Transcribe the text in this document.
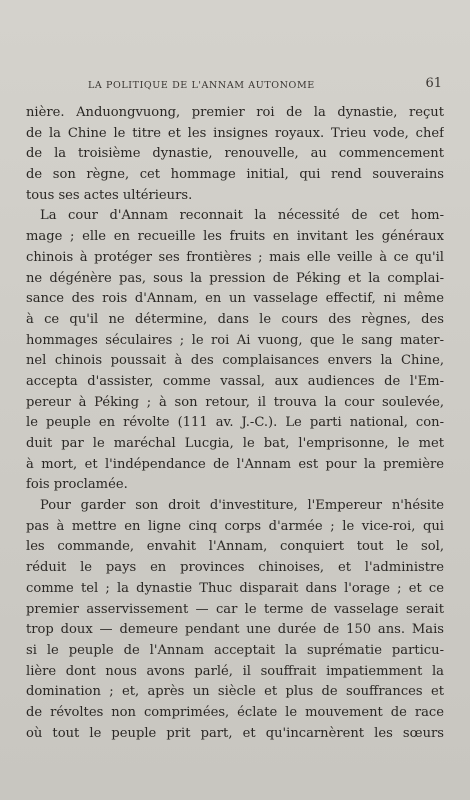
LA POLITIQUE DE L'ANNAM AUTONOME	61
nière. Anduongvuong, premier roi de la dynastie, reçut
de la Chine le titre et les insignes royaux. Trieu vode, chef
de la troisième dynastie, renouvelle, au commencement
de son règne, cet hommage initial, qui rend souverains
tous ses actes ultérieurs.
La cour d'Annam reconnait la nécessité de cet hom-
mage ; elle en recueille les fruits en invitant les généraux
chinois à protéger ses frontières ; mais elle veille à ce qu'il
ne dégénère pas, sous la pression de Péking et la complai-
sance des rois d'Annam, en un vasselage effectif, ni même
à ce qu'il ne détermine, dans le cours des règnes, des
hommages séculaires ; le roi Ai vuong, que le sang mater-
nel chinois poussait à des complaisances envers la Chine,
accepta d'assister, comme vassal, aux audiences de l'Em-
pereur à Péking ; à son retour, il trouva la cour soulevée,
le peuple en révolte (111 av. J.-C.). Le parti national, con-
duit par le maréchal Lucgia, le bat, l'emprisonne, le met
à mort, et l'indépendance de l'Annam est pour la première
fois proclamée.
Pour garder son droit d'investiture, l'Empereur n'hésite
pas à mettre en ligne cinq corps d'armée ; le vice-roi, qui
les commande, envahit l'Annam, conquiert tout le sol,
réduit le pays en provinces chinoises, et l'administre
comme tel ; la dynastie Thuc disparait dans l'orage ; et ce
premier asservissement — car le terme de vasselage serait
trop doux — demeure pendant une durée de 150 ans. Mais
si le peuple de l'Annam acceptait la suprématie particu-
lière dont nous avons parlé, il souffrait impatiemment la
domination ; et, après un siècle et plus de souffrances et
de révoltes non comprimées, éclate le mouvement de race
où tout le peuple prit part, et qu'incarnèrent les sœurs
